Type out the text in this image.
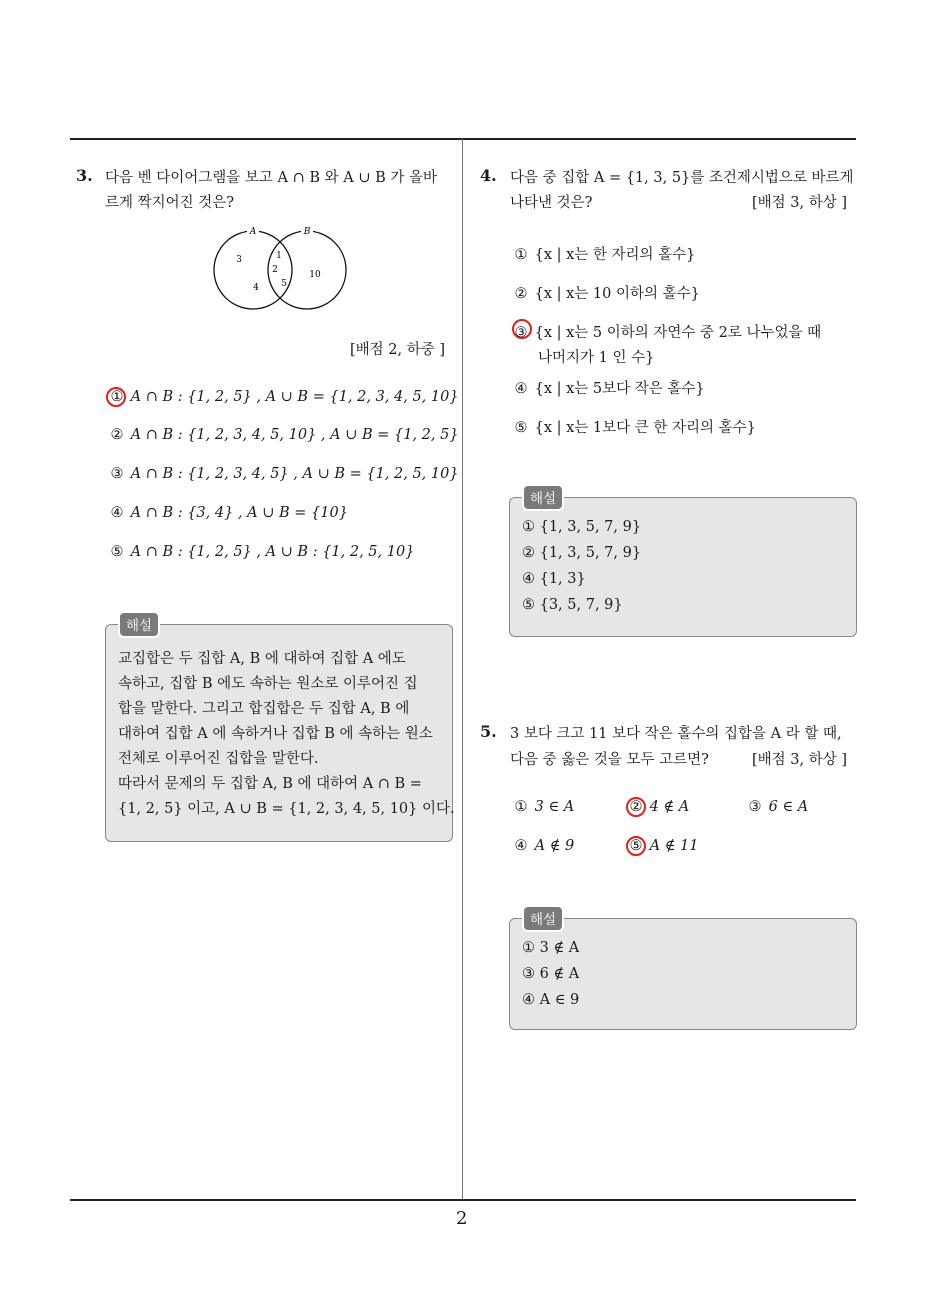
3. 다음 벤 다이어그램을 보고 A ∩ B 와 A ∪ B 가 올바
르게 짝지어진 것은?
A	B
3
4
1
2
5
10
[배점 2, 하중 ]
① A ∩ B : {1, 2, 5} , A ∪ B = {1, 2, 3, 4, 5, 10}
② A ∩ B : {1, 2, 3, 4, 5, 10} , A ∪ B = {1, 2, 5}
③ A ∩ B : {1, 2, 3, 4, 5} , A ∪ B = {1, 2, 5, 10}
④ A ∩ B : {3, 4} , A ∪ B = {10}
⑤ A ∩ B : {1, 2, 5} , A ∪ B : {1, 2, 5, 10}
해설
교집합은 두 집합 A, B 에 대하여 집합 A 에도
속하고, 집합 B 에도 속하는 원소로 이루어진 집
합을 말한다. 그리고 합집합은 두 집합 A, B 에
대하여 집합 A 에 속하거나 집합 B 에 속하는 원소
전체로 이루어진 집합을 말한다.
따라서 문제의 두 집합 A, B 에 대하여 A ∩ B =
{1, 2, 5} 이고, A ∪ B = {1, 2, 3, 4, 5, 10} 이다.
4. 다음 중 집합 A = {1, 3, 5}를 조건제시법으로 바르게
나타낸 것은?	[배점 3, 하상 ]
① {x | x는 한 자리의 홀수}
② {x | x는 10 이하의 홀수}
③ {x | x는 5 이하의 자연수 중 2로 나누었을 때
나머지가 1 인 수}
④ {x | x는 5보다 작은 홀수}
⑤ {x | x는 1보다 큰 한 자리의 홀수}
해설
① {1, 3, 5, 7, 9}
② {1, 3, 5, 7, 9}
④ {1, 3}
⑤ {3, 5, 7, 9}
5. 3 보다 크고 11 보다 작은 홀수의 집합을 A 라 할 때,
다음 중 옳은 것을 모두 고르면?	[배점 3, 하상 ]
① 3 ∈ A	② 4 ∉ A	③ 6 ∈ A
④ A ∉ 9	⑤ A ∉ 11
해설
① 3 ∉ A
③ 6 ∉ A
④ A ∈ 9
2
